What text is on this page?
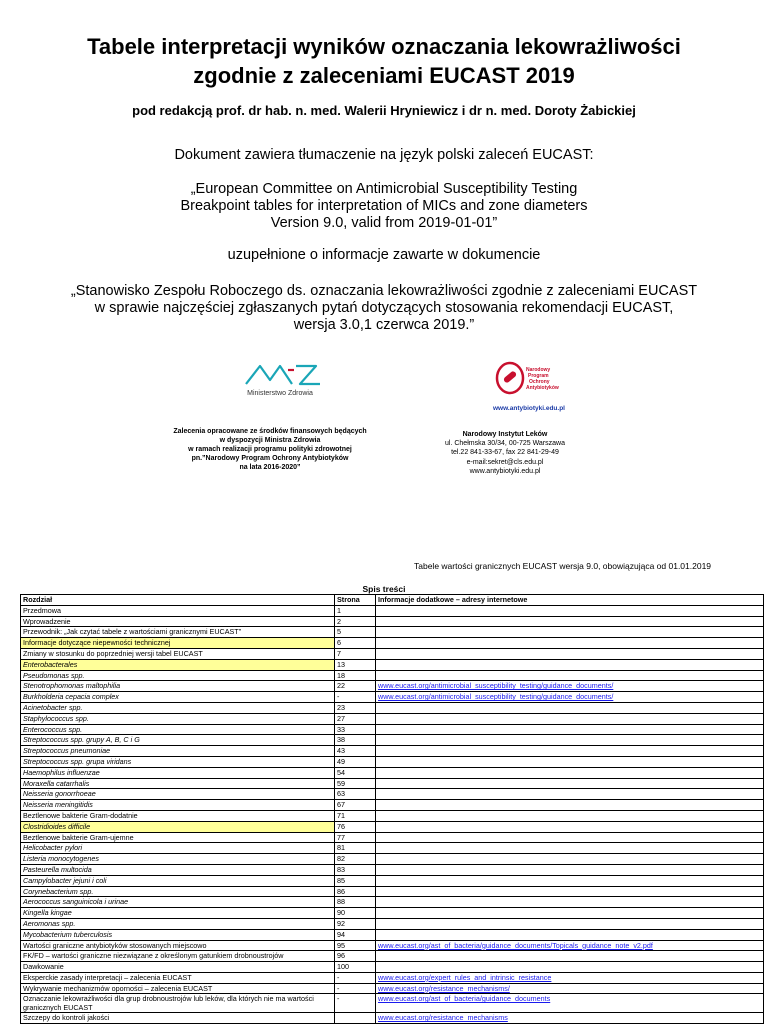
Tabele interpretacji wyników oznaczania lekowrażliwości
zgodnie z zaleceniami EUCAST 2019
pod redakcją prof. dr hab. n. med. Walerii Hryniewicz i dr n. med. Doroty Żabickiej
Dokument zawiera tłumaczenie na język polski zaleceń EUCAST:
„European Committee on Antimicrobial Susceptibility Testing
Breakpoint tables for interpretation of MICs and zone diameters
Version 9.0, valid from 2019-01-01”
uzupełnione o informacje zawarte w dokumencie
„Stanowisko Zespołu Roboczego ds. oznaczania lekowrażliwości zgodnie z zaleceniami EUCAST
w sprawie najczęściej zgłaszanych pytań dotyczących stosowania rekomendacji EUCAST,
wersja 3.0,1 czerwca 2019.”
Ministerstwo Zdrowia
Narodowy
Program
Ochrony
Antybiotyków
www.antybiotyki.edu.pl
Zalecenia opracowane ze środków finansowych będących
w dyspozycji Ministra Zdrowia
w ramach realizacji programu polityki zdrowotnej
pn.”Narodowy Program Ochrony Antybiotyków
na lata 2016-2020”
Narodowy Instytut Leków
ul. Chełmska 30/34, 00-725 Warszawa
tel.22 841-33-67, fax 22 841-29-49
e-mail:sekret@cls.edu.pl
www.antybiotyki.edu.pl
Tabele wartości granicznych EUCAST wersja 9.0, obowiązująca od 01.01.2019
Spis treści
Rozdział	Strona	Informacje dodatkowe – adresy internetowe
Przedmowa	1	
Wprowadzenie	2	
Przewodnik: „Jak czytać tabele z wartościami granicznymi EUCAST”	5	
Informacje dotyczące niepewności technicznej	6	
Zmiany w stosunku do poprzedniej wersji tabel EUCAST	7	
Enterobacterales	13	
Pseudomonas spp.	18	
Stenotrophomonas maltophilia	22	www.eucast.org/antimicrobial_susceptibility_testing/guidance_documents/
Burkholderia cepacia complex	-	www.eucast.org/antimicrobial_susceptibility_testing/guidance_documents/
Acinetobacter spp.	23	
Staphylococcus spp.	27	
Enterococcus spp.	33	
Streptococcus spp. grupy A, B, C i G	38	
Streptococcus pneumoniae	43	
Streptococcus spp. grupa viridans	49	
Haemophilus influenzae	54	
Moraxella catarrhalis	59	
Neisseria gonorrhoeae	63	
Neisseria meningitidis	67	
Beztlenowe bakterie Gram-dodatnie	71	
Clostridioides difficile	76	
Beztlenowe bakterie Gram-ujemne	77	
Helicobacter pylori	81	
Listeria monocytogenes	82	
Pasteurella multocida	83	
Campylobacter jejuni i coli	85	
Corynebacterium spp.	86	
Aerococcus sanguinicola i urinae	88	
Kingella kingae	90	
Aeromonas spp.	92	
Mycobacterium tuberculosis	94	
Wartości graniczne antybiotyków stosowanych miejscowo	95	www.eucast.org/ast_of_bacteria/guidance_documents/Topicals_guidance_note_v2.pdf
FK/FD – wartości graniczne niezwiązane z określonym gatunkiem drobnoustrojów	96	
Dawkowanie	100	
Eksperckie zasady interpretacji – zalecenia EUCAST	-	www.eucast.org/expert_rules_and_intrinsic_resistance
Wykrywanie mechanizmów oporności – zalecenia EUCAST	-	www.eucast.org/resistance_mechanisms/
Oznaczanie lekowrażliwości dla grup drobnoustrojów lub leków, dla których nie ma wartości granicznych EUCAST	-	www.eucast.org/ast_of_bacteria/guidance_documents
Szczepy do kontroli jakości		www.eucast.org/resistance_mechanisms
